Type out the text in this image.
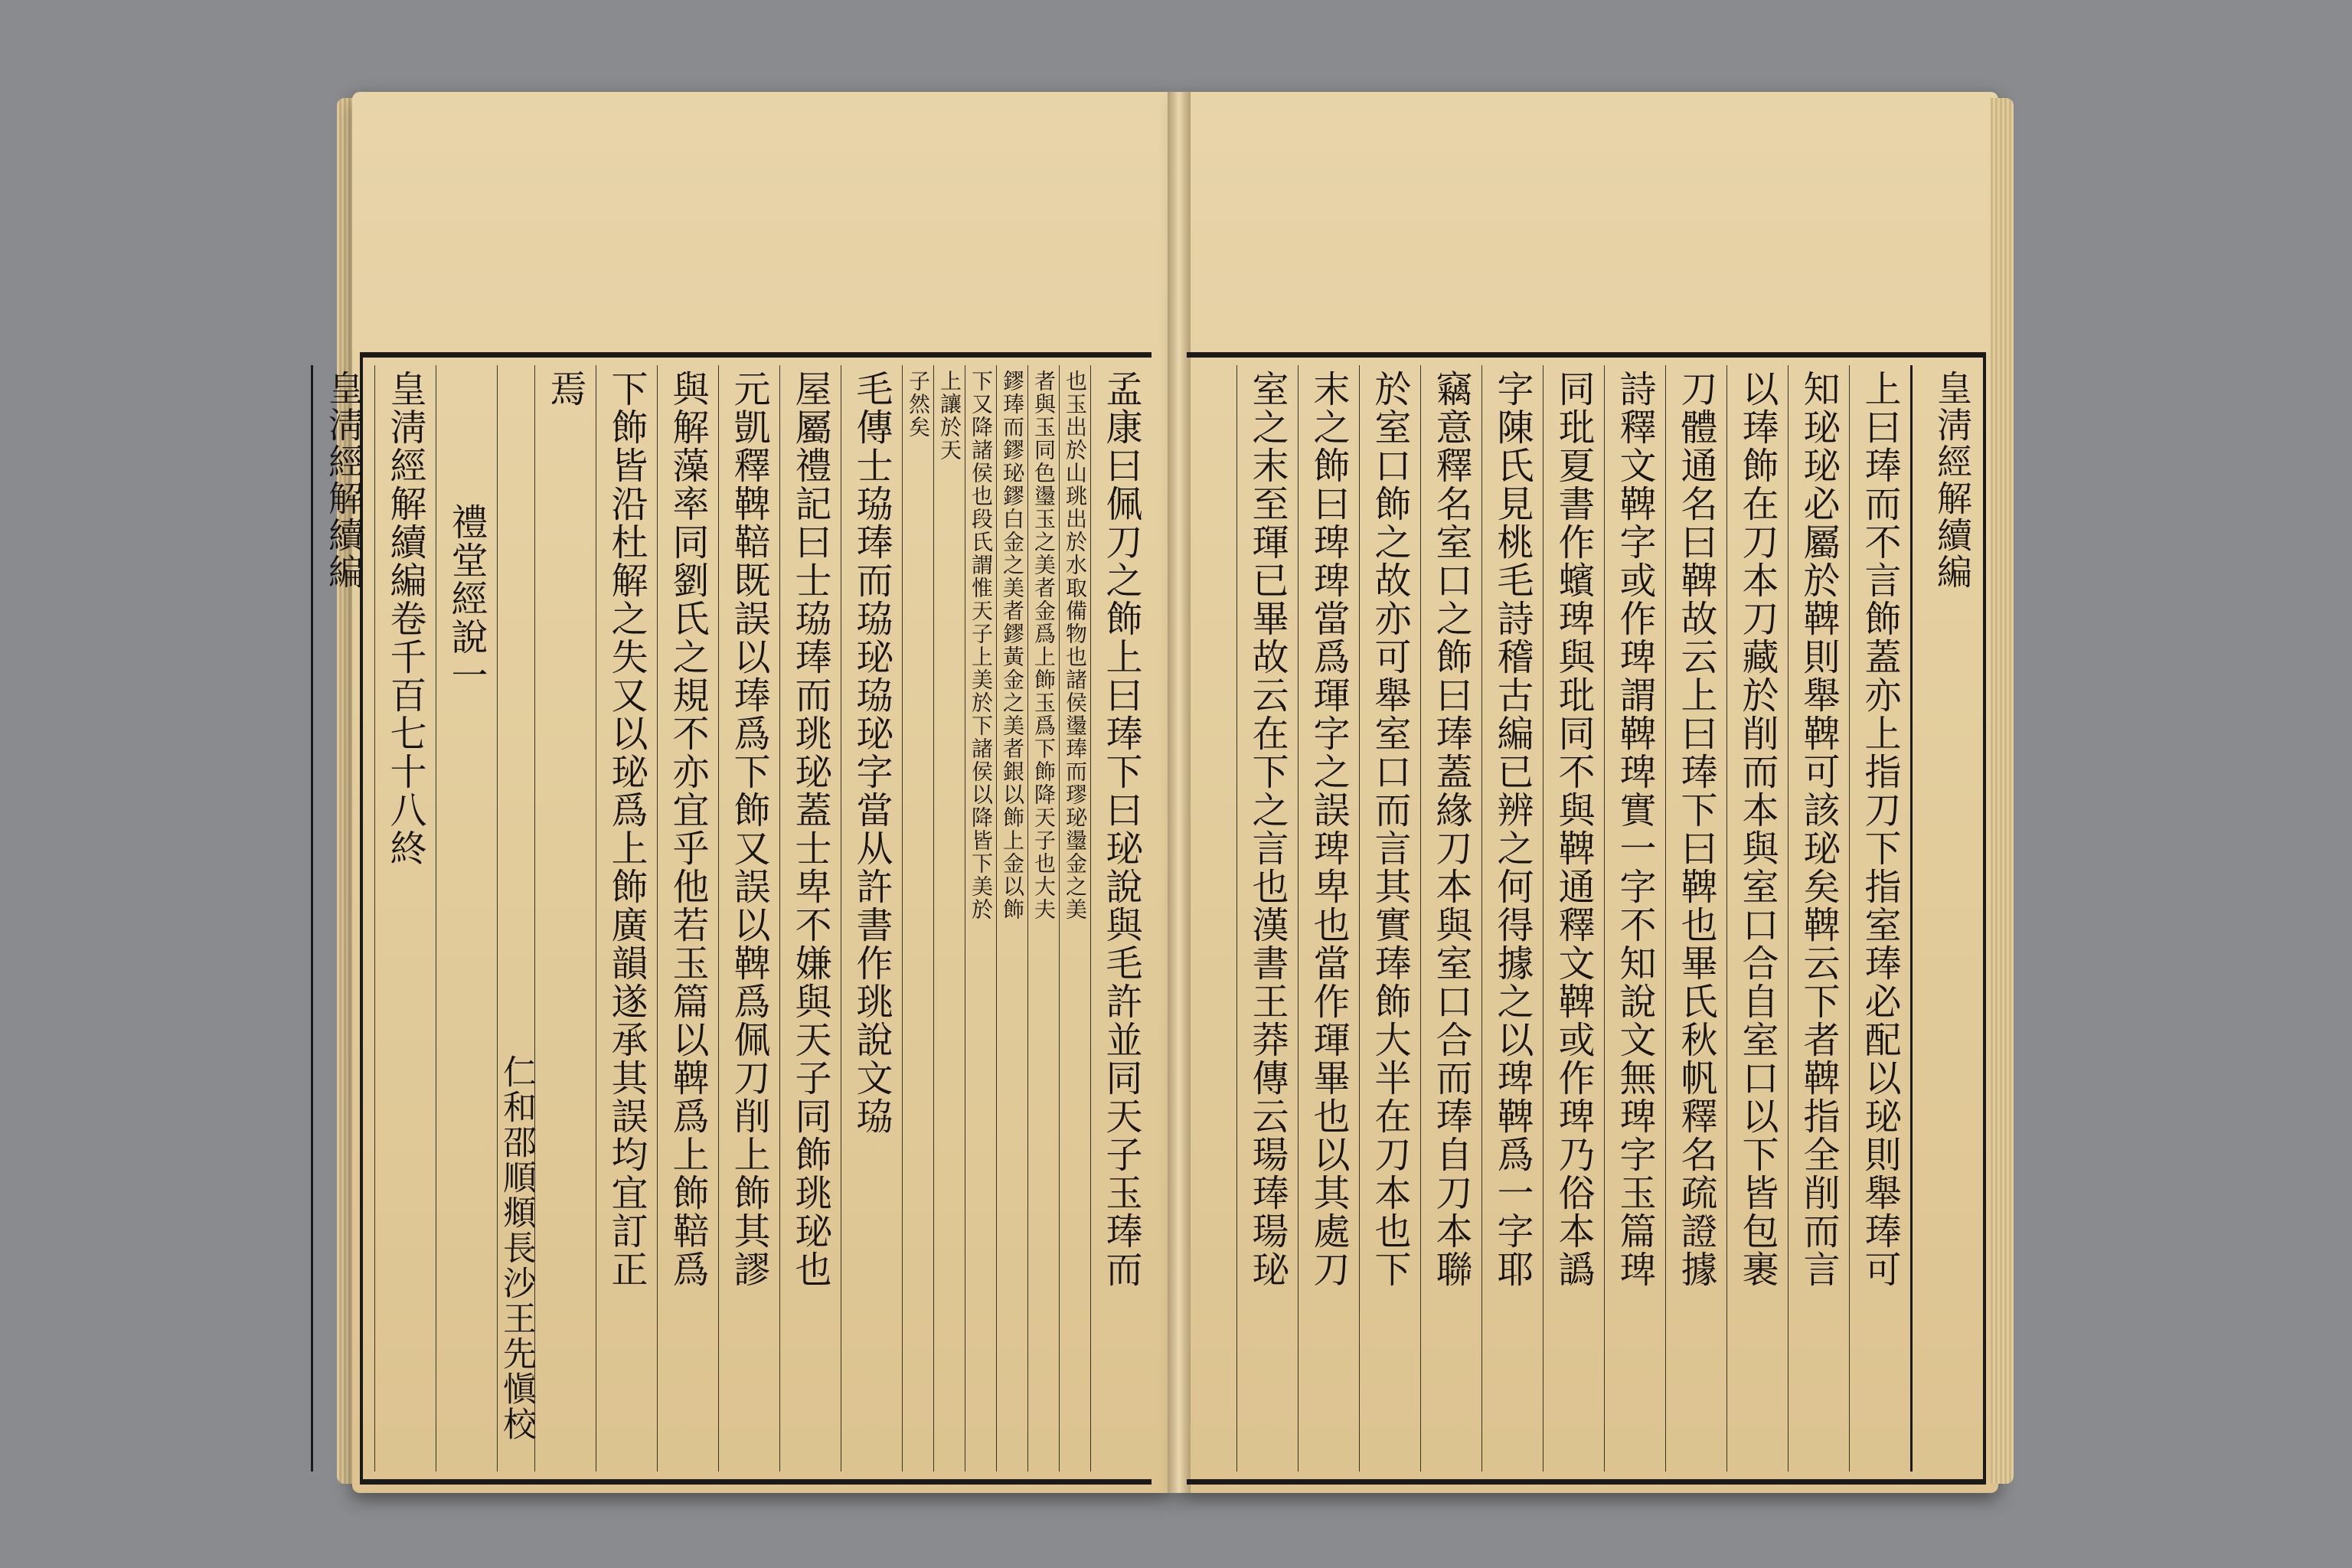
孟康曰佩刀之飾上曰琫下曰珌說與毛許並同天子玉琫而
也玉出於山珧出於水取備物也諸侯璗琫而璆珌璗金之美
者與玉同色璗玉之美者金爲上飾玉爲下飾降天子也大夫
鏐琫而鏐珌鏐白金之美者鏐黃金之美者銀以飾上金以飾
下又降諸侯也段氏謂惟天子上美於下諸侯以降皆下美於
上讓於天
子然矣
毛傳士珕琫而珕珌珕珌字當从許書作珧說文珕
屋屬禮記曰士珕琫而珧珌蓋士卑不嫌與天子同飾珧珌也
元凱釋鞞鞛既誤以琫爲下飾又誤以鞞爲佩刀削上飾其謬
與解藻率同劉氏之規不亦宜乎他若玉篇以鞞爲上飾鞛爲
下飾皆沿杜解之失又以珌爲上飾廣韻遂承其誤均宜訂正
焉
仁和邵順頫長沙王先愼校
禮堂經說一
皇淸經解續編卷千百七十八終
皇淸經解續編	皇淸經解續編
上曰琫而不言飾蓋亦上指刀下指室琫必配以珌則舉琫可
知珌珌必屬於鞞則舉鞞可該珌矣鞞云下者鞞指全削而言
以琫飾在刀本刀藏於削而本與室口合自室口以下皆包裹
刀體通名曰鞞故云上曰琫下曰鞞也畢氏秋帆釋名疏證據
詩釋文鞞字或作琕謂鞞琕實一字不知說文無琕字玉篇琕
同玭夏書作蠙琕與玭同不與鞞通釋文鞞或作琕乃俗本譌
字陳氏見桃毛詩稽古編已辨之何得據之以琕鞞爲一字耶
竊意釋名室口之飾曰琫蓋緣刀本與室口合而琫自刀本聯
於室口飾之故亦可舉室口而言其實琫飾大半在刀本也下
末之飾曰琕琕當爲琿字之誤琕卑也當作琿畢也以其處刀
室之末至琿已畢故云在下之言也漢書王莽傳云瑒琫瑒珌
